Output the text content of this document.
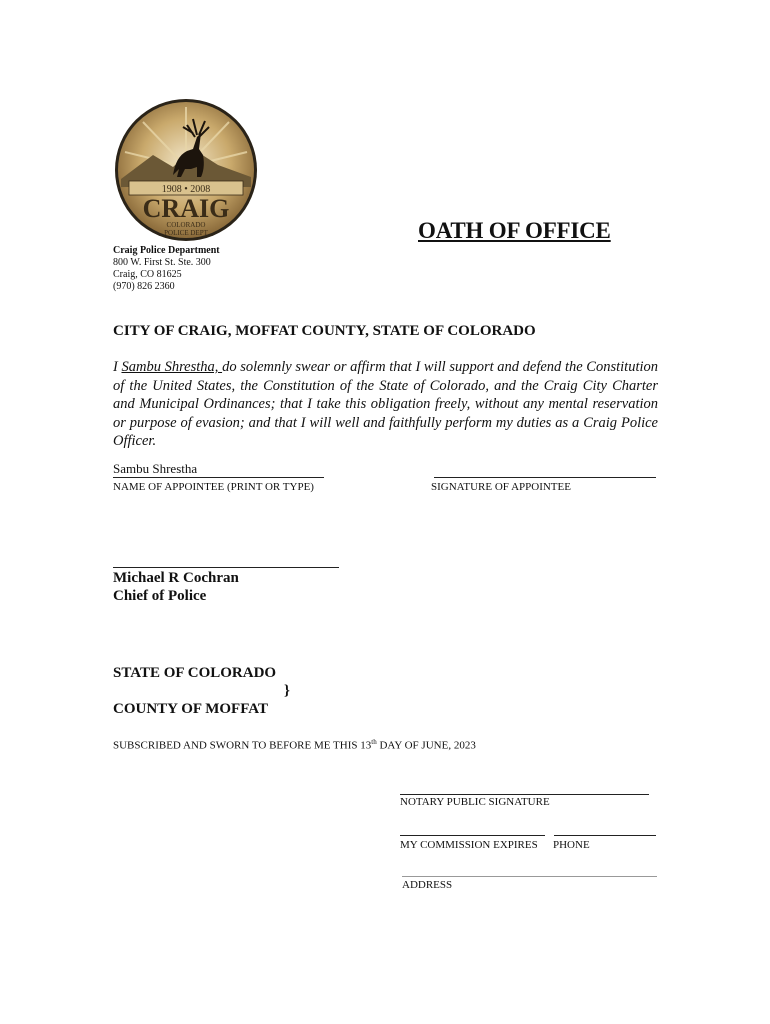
1908 • 2008
CRAIG
COLORADO
POLICE DEPT	OATH OF OFFICE
Craig Police Department
800 W. First St. Ste. 300
Craig, CO 81625
(970) 826 2360
CITY OF CRAIG, MOFFAT COUNTY, STATE OF COLORADO
I Sambu Shrestha, do solemnly swear or affirm that I will support and defend the Constitution of the United States, the Constitution of the State of Colorado, and the Craig City Charter and Municipal Ordinances; that I take this obligation freely, without any mental reservation or purpose of evasion; and that I will well and faithfully perform my duties as a Craig Police Officer.
Sambu Shrestha
NAME OF APPOINTEE (PRINT OR TYPE)	SIGNATURE OF APPOINTEE
Michael R Cochran
Chief of Police
STATE OF COLORADO
}
COUNTY OF MOFFAT
SUBSCRIBED AND SWORN TO BEFORE ME THIS 13th DAY OF JUNE, 2023
NOTARY PUBLIC SIGNATURE
MY COMMISSION EXPIRES PHONE
ADDRESS
